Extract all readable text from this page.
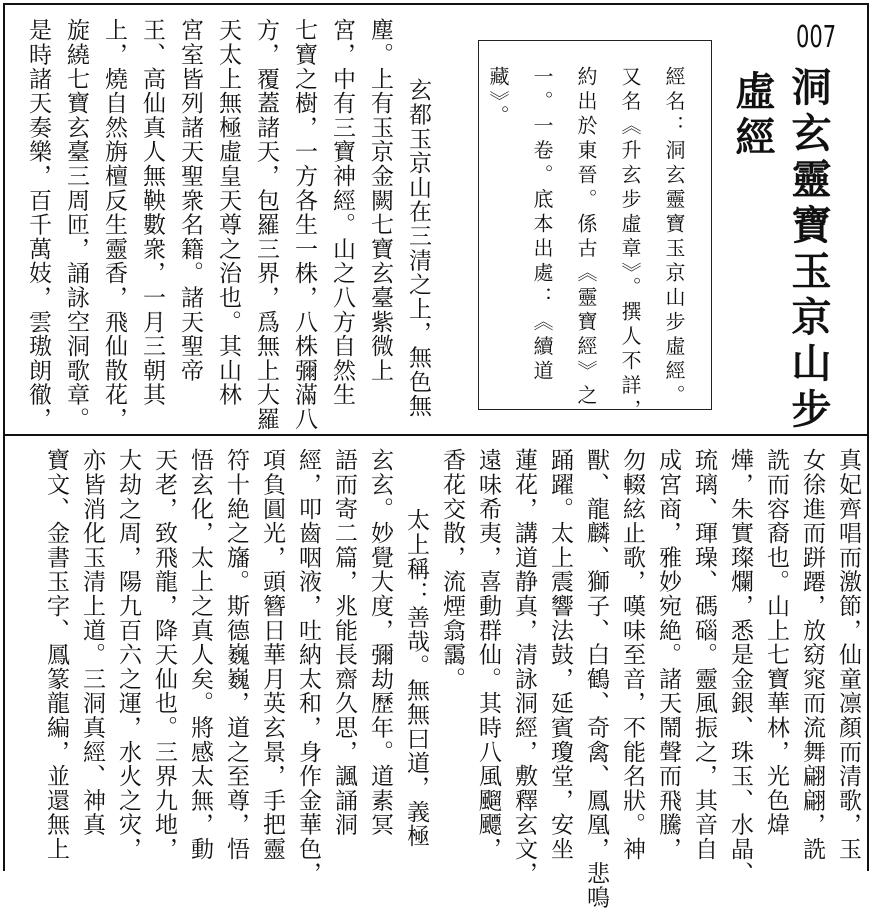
007
洞玄靈寶玉京山步
虛經
經名：洞玄靈寶玉京山步虛經。
又名《升玄步虛章》。撰人不詳，
約出於東晉。係古《靈寶經》之
一。一卷。底本出處：《續道
藏》。
玄都玉京山在三清之上，無色無
塵。上有玉京金闕七寶玄臺紫微上
宮，中有三寶神經。山之八方自然生
七寶之樹，一方各生一株，八株彌滿八
方，覆蓋諸天，包羅三界，爲無上大羅
天太上無極虛皇天尊之治也。其山林
宮室皆列諸天聖衆名籍。諸天聖帝
王、高仙真人無鞅數衆，一月三朝其
上，燒自然旃檀反生靈香，飛仙散花，
旋繞七寶玄臺三周匝，誦詠空洞歌章。
是時諸天奏樂，百千萬妓，雲璈朗徹，
真妃齊唱而激節，仙童凛顏而清歌，玉
女徐進而跰蹮，放窈窕而流舞翩翩，詵
詵而容裔也。山上七寶華林，光色煒
燁，朱實璨爛，悉是金銀、珠玉、水晶、
琉璃、琿璪、碼碯。靈風振之，其音自
成宮商，雅妙宛絶。諸天鬧聲而飛騰，
勿輟絃止歌，嘆味至音，不能名狀。神
獸、龍麟、獅子、白鶴、奇禽、鳳凰，悲鳴
踊躍。太上震響法鼓，延賓瓊堂，安坐
蓮花，講道静真，清詠洞經，敷釋玄文，
遠味希夷，喜動群仙。其時八風飀飃，
香花交散，流煙翕靄。
太上稱：善哉。無無曰道，義極
玄玄。妙覺大度，彌劫歷年。道素冥
語而寄二篇，兆能長齋久思，諷誦洞
經，叩齒咽液，吐納太和，身作金華色，
項負圓光，頭簪日華月英玄景，手把靈
符十絶之旛。斯德巍巍，道之至尊，悟
悟玄化，太上之真人矣。將感太無，動
天老，致飛龍，降天仙也。三界九地，
大劫之周，陽九百六之運，水火之灾，
亦皆消化玉清上道。三洞真經、神真
寶文、金書玉字、鳳篆龍編，並還無上
